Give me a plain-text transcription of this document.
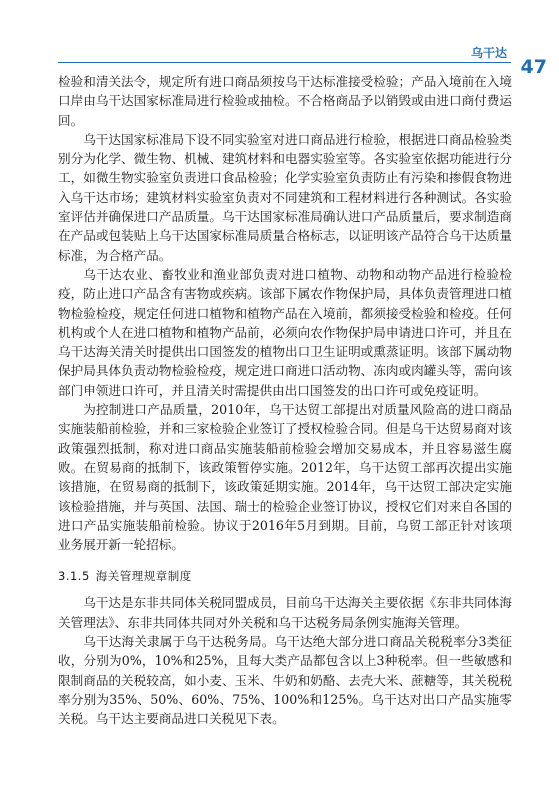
乌干达
47

检验和清关法令，规定所有进口商品须按乌干达标准接受检验；产品入境前在入境口岸由乌干达国家标准局进行检验或抽检。不合格商品予以销毁或由进口商付费运回。

乌干达国家标准局下设不同实验室对进口商品进行检验，根据进口商品检验类别分为化学、微生物、机械、建筑材料和电器实验室等。各实验室依据功能进行分工，如微生物实验室负责进口食品检验；化学实验室负责防止有污染和掺假食物进入乌干达市场；建筑材料实验室负责对不同建筑和工程材料进行各种测试。各实验室评估并确保进口产品质量。乌干达国家标准局确认进口产品质量后，要求制造商在产品或包装贴上乌干达国家标准局质量合格标志，以证明该产品符合乌干达质量标准，为合格产品。

乌干达农业、畜牧业和渔业部负责对进口植物、动物和动物产品进行检验检疫，防止进口产品含有害物或疾病。该部下属农作物保护局，具体负责管理进口植物检验检疫，规定任何进口植物和植物产品在入境前，都须接受检验和检疫。任何机构或个人在进口植物和植物产品前，必须向农作物保护局申请进口许可，并且在乌干达海关清关时提供出口国签发的植物出口卫生证明或熏蒸证明。该部下属动物保护局具体负责动物检验检疫，规定进口商进口活动物、冻肉或肉罐头等，需向该部门申领进口许可，并且清关时需提供由出口国签发的出口许可或免疫证明。

为控制进口产品质量，2010年，乌干达贸工部提出对质量风险高的进口商品实施装船前检验，并和三家检验企业签订了授权检验合同。但是乌干达贸易商对该政策强烈抵制，称对进口商品实施装船前检验会增加交易成本，并且容易滋生腐败。在贸易商的抵制下，该政策暂停实施。2012年，乌干达贸工部再次提出实施该措施，在贸易商的抵制下，该政策延期实施。2014年，乌干达贸工部决定实施该检验措施，并与英国、法国、瑞士的检验企业签订协议，授权它们对来自各国的进口产品实施装船前检验。协议于2016年5月到期。目前，乌贸工部正针对该项业务展开新一轮招标。

3.1.5 海关管理规章制度

乌干达是东非共同体关税同盟成员，目前乌干达海关主要依据《东非共同体海关管理法》、东非共同体共同对外关税和乌干达税务局条例实施海关管理。

乌干达海关隶属于乌干达税务局。乌干达绝大部分进口商品关税税率分3类征收，分别为0%，10%和25%，且每大类产品都包含以上3种税率。但一些敏感和限制商品的关税较高，如小麦、玉米、牛奶和奶酪、去壳大米、蔗糖等，其关税税率分别为35%、50%、60%、75%、100%和125%。乌干达对出口产品实施零关税。乌干达主要商品进口关税见下表。
